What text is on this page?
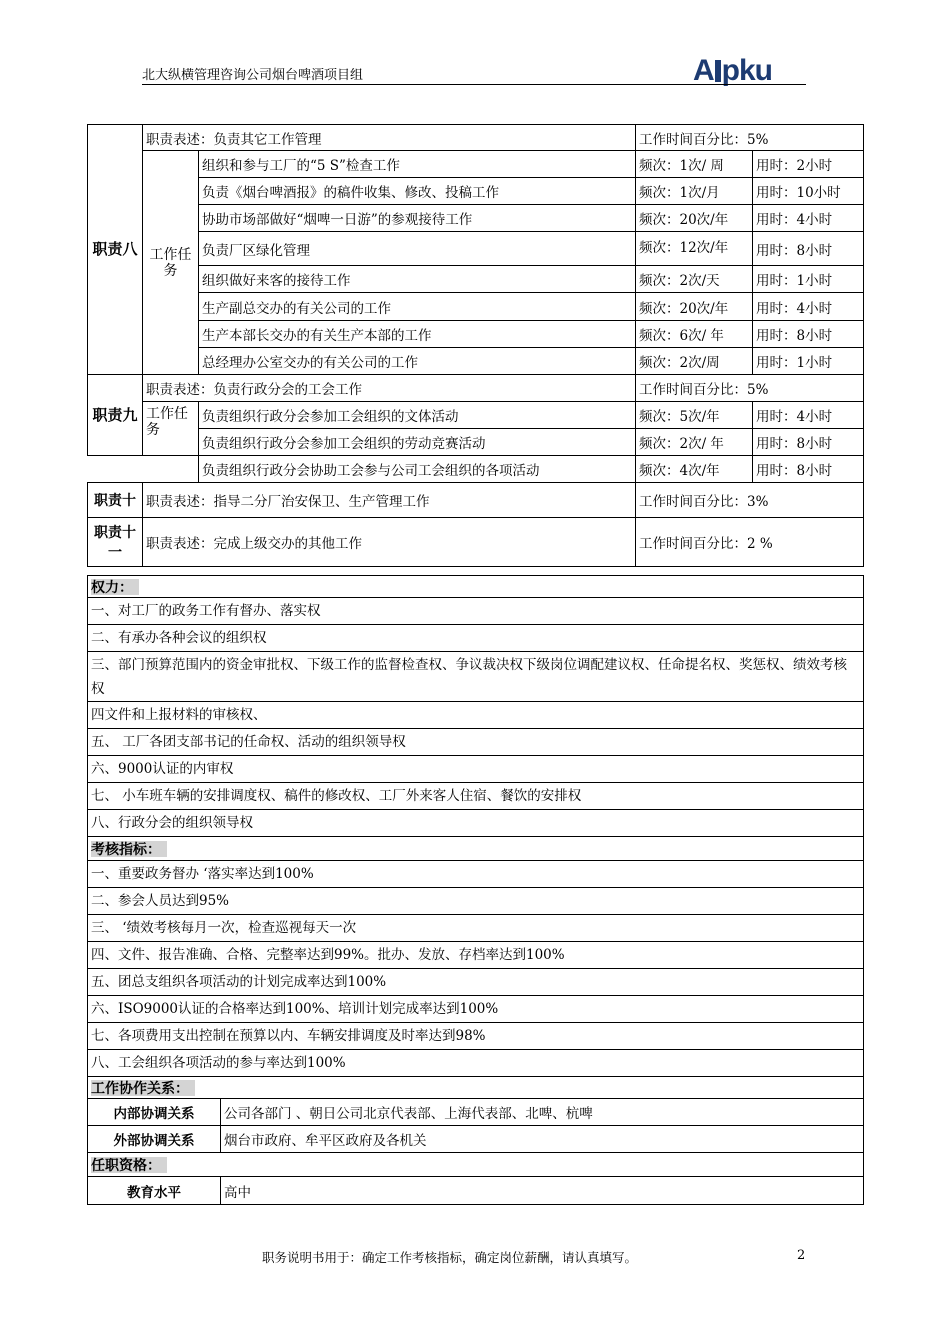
北大纵横管理咨询公司烟台啤酒项目组	A pku
职责八	职责表述：负责其它工作管理		工作时间百分比：5%	
	工作任务	组织和参与工厂的“5 S”检查工作	频次：1次/ 周	用时：2小时
		负责《烟台啤酒报》的稿件收集、修改、投稿工作	频次：1次/月	用时：10小时
		协助市场部做好“烟啤一日游”的参观接待工作	频次：20次/年	用时：4小时
		负责厂区绿化管理	频次：12次/年	用时：8小时
		组织做好来客的接待工作	频次：2次/天	用时：1小时
		生产副总交办的有关公司的工作	频次：20次/年	用时：4小时
		生产本部长交办的有关生产本部的工作	频次：6次/ 年	用时：8小时
		总经理办公室交办的有关公司的工作	频次：2次/周	用时：1小时
职责九	职责表述：负责行政分会的工会工作		工作时间百分比：5%	
	工作任务	负责组织行政分会参加工会组织的文体活动	频次：5次/年	用时：4小时
		负责组织行政分会参加工会组织的劳动竞赛活动	频次：2次/ 年	用时：8小时
		负责组织行政分会协助工会参与公司工会组织的各项活动	频次：4次/年	用时：8小时
职责十	职责表述：指导二分厂治安保卫、生产管理工作		工作时间百分比：3%	
职责十一	职责表述：完成上级交办的其他工作		工作时间百分比：2 %	
权力：	
一、对工厂的政务工作有督办、落实权	
二、有承办各种会议的组织权	
三、部门预算范围内的资金审批权、下级工作的监督检查权、争议裁决权下级岗位调配建议权、任命提名权、奖惩权、绩效考核权	
四文件和上报材料的审核权、	
五、 工厂各团支部书记的任命权、活动的组织领导权	
六、9000认证的内审权	
七、 小车班车辆的安排调度权、稿件的修改权、工厂外来客人住宿、餐饮的安排权	
八、行政分会的组织领导权	
考核指标：	
一、重要政务督办 ‘落实率达到100%	
二、参会人员达到95%	
三、 ‘绩效考核每月一次，检查巡视每天一次	
四、文件、报告准确、合格、完整率达到99%。批办、发放、存档率达到100%	
五、团总支组织各项活动的计划完成率达到100%	
六、ISO9000认证的合格率达到100%、培训计划完成率达到100%	
七、各项费用支出控制在预算以内、车辆安排调度及时率达到98%	
八、工会组织各项活动的参与率达到100%	
工作协作关系：	
内部协调关系	公司各部门 、朝日公司北京代表部、上海代表部、北啤、杭啤
外部协调关系	烟台市政府、牟平区政府及各机关
任职资格：	
教育水平	高中
职务说明书用于：确定工作考核指标，确定岗位薪酬，请认真填写。	2
